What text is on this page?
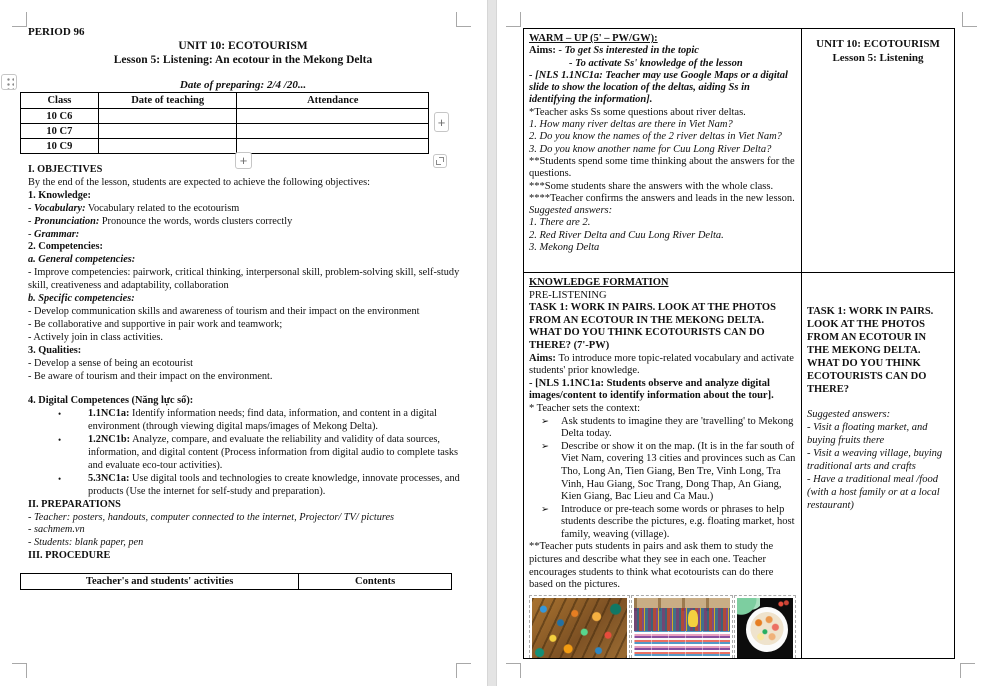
PERIOD 96
UNIT 10: ECOTOURISM
Lesson 5: Listening: An ecotour in the Mekong Delta
Date of preparing: 2/4 /20...
Class	Date of teaching	Attendance
10 C6		
10 C7		
10 C9		
I. OBJECTIVES
By the end of the lesson, students are expected to achieve the following objectives:
1. Knowledge:
- Vocabulary: Vocabulary related to the ecotourism
- Pronunciation: Pronounce the words, words clusters correctly
- Grammar:
2. Competencies:
a. General competencies:
- Improve competencies: pairwork, critical thinking, interpersonal skill, problem-solving skill, self-study skill, creativeness and adaptability, collaboration
b. Specific competencies:
- Develop communication skills and awareness of tourism and their impact on the environment
- Be collaborative and supportive in pair work and teamwork;
- Actively join in class activities.
3. Qualities:
- Develop a sense of being an ecotourist
- Be aware of tourism and their impact on the environment.

4. Digital Competences (Năng lực số):
•	1.1NC1a: Identify information needs; find data, information, and content in a digital environment (through viewing digital maps/images of Mekong Delta).
•	1.2NC1b: Analyze, compare, and evaluate the reliability and validity of data sources, information, and digital content (Process information from digital audio to complete tasks and evaluate eco-tour activities).
•	5.3NC1a: Use digital tools and technologies to create knowledge, innovate processes, and products (Use the internet for self-study and preparation).
II. PREPARATIONS
- Teacher: posters, handouts, computer connected to the internet, Projector/ TV/ pictures
- sachmem.vn
- Students: blank paper, pen
III. PROCEDURE
Teacher's and students' activities	Contents
WARM – UP (5' – PW/GW):
Aims: - To get Ss interested in the topic
- To activate Ss' knowledge of the lesson
- [NLS 1.1NC1a: Teacher may use Google Maps or a digital slide to show the location of the deltas, aiding Ss in identifying the information].
*Teacher asks Ss some questions about river deltas.
1. How many river deltas are there in Viet Nam?
2. Do you know the names of the 2 river deltas in Viet Nam?
3. Do you know another name for Cuu Long River Delta?
**Students spend some time thinking about the answers for the questions.
***Some students share the answers with the whole class.
****Teacher confirms the answers and leads in the new lesson.
Suggested answers:
1. There are 2.
2. Red River Delta and Cuu Long River Delta.
3. Mekong Delta
UNIT 10: ECOTOURISM
Lesson 5: Listening
KNOWLEDGE FORMATION
PRE-LISTENING
TASK 1: WORK IN PAIRS. LOOK AT THE PHOTOS FROM AN ECOTOUR IN THE MEKONG DELTA. WHAT DO YOU THINK ECOTOURISTS CAN DO THERE? (7'-PW)
Aims: To introduce more topic-related vocabulary and activate students' prior knowledge.
- [NLS 1.1NC1a: Students observe and analyze digital images/content to identify information about the tour].
* Teacher sets the context:
➢ Ask students to imagine they are 'travelling' to Mekong Delta today.
➢ Describe or show it on the map. (It is in the far south of Viet Nam, covering 13 cities and provinces such as Can Tho, Long An, Tien Giang, Ben Tre, Vinh Long, Tra Vinh, Hau Giang, Soc Trang, Dong Thap, An Giang, Kien Giang, Bac Lieu and Ca Mau.)
➢ Introduce or pre-teach some words or phrases to help students describe the pictures, e.g. floating market, host family, weaving (village).
**Teacher puts students in pairs and ask them to study the pictures and describe what they see in each one. Teacher encourages students to think what ecotourists can do there based on the pictures.
TASK 1: WORK IN PAIRS. LOOK AT THE PHOTOS FROM AN ECOTOUR IN THE MEKONG DELTA. WHAT DO YOU THINK ECOTOURISTS CAN DO THERE?

Suggested answers:
- Visit a floating market, and buying fruits there
- Visit a weaving village, buying traditional arts and crafts
- Have a traditional meal /food (with a host family or at a local restaurant)
+
+
